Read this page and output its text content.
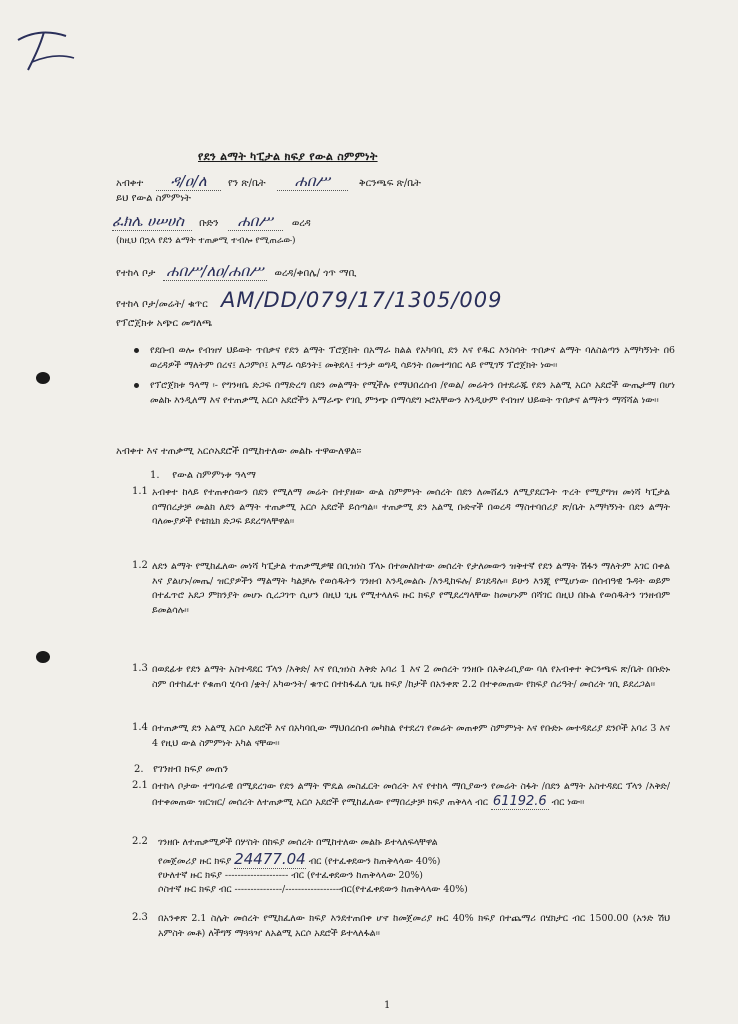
የደን ልማት ካፒታል ክፍያ የውል ስምምነት
አብቀተ ዳ/ዐ/ለ የን ጽ/ቤት ሐበሥ	ቅርንጫፍ ጽ/ቤት
ይህ የውል ስምምነት
ፈክሌ ሀሠሀስ ቡድን ሐበሥ ወረዳ
(ከዚህ በኋላ የደን ልማት ተጠቃሚ ተብሎ የሚጠራው)
የተከላ ቦታ ሐበሥ/ለዐ/ሐበሥ ወረዳ/ቀበሌ/ ጎጥ ማቢ
የተከላ ቦታ/መሬት/ ቁጥር AM/DD/079/17/1305/009
የፕሮጀክቱ አጭር መግለጫ
የደቡብ ወሎ የብዝሃ ህይወት ጥበቃና የደን ልማት ፕሮጀክት በአማራ ክልል የአካባቢ ደን እና የዱር እንስሳት ጥበቃና ልማት ባለስልጣን አማካኝነት በ6 ወረዳዎች ማለትም በረና፤ ለጋምቦ፤ አማራ ሳይንት፤ መቅደላ፤ ተንታ ወግዲ ሳይንት በመተግበር ላይ የሚገኝ ፕሮጀክት ነው፡፡
የፕሮጀክቱ ዓላማ ፡- የግንዛቤ ድጋፍ በማድረግ በደን መልማት የሚችሉ የማህበረሰብ /የወል/ መሬትን በተደራጁ የደን አልሚ አርሶ አደሮች ውጤታማ በሆነ መልኩ እንዲለማ እና የተጠቃሚ አርሶ አደሮችን አማራጭ የገቢ ምንጭ በማሳደግ ኑሮአቸውን እንዲሁም የብዝሃ ህይወት ጥበቃና ልማትን ማሻሻል ነው፡፡
አብቀተ እና ተጠቃሚ አርሶአደሮች በሚከተለው መልኩ ተዋውለዋል፡፡
1. የውል ስምምነቱ ዓላማ
1.1 አብቀተ ከላይ የተጠቀሰውን በደን የሚለማ መሬት በተያዘው ውል ስምምነት መሰረት በደን ለመሸፈን ለሚያደርጉት ጥረት የሚያግዝ መነሻ ካፒታል በማበረታቻ መልክ ለደን ልማት ተጠቃሚ አርሶ አደሮች ይሰጣል፡፡ ተጠቃሚ ደን አልሚ ቡድኖች በወረዳ ማስተባበሪያ ጽ/ቤት አማካኝነት በደን ልማት ባለሙያዎች የቴክኒክ ድጋፍ ይደረግላቸዋል፡፡
1.2 ለደን ልማት የሚከፈለው መነሻ ካፒታል ተጠቃሚዎቹ በቢዝነስ ፕላኑ በተመለከተው መሰረት የታለመውን ዝቅተኛ የደን ልማት ሽፋን ማለትም አገር በቀል እና ያልሆኑ/መጤ/ ዝርያዎችን ማልማት ካልቻሉ የወሰዱትን ገንዘብ እንዲመልሱ /እንዲከፍሉ/ ይገደዳሉ፡፡ ይሁን እንጂ የሚሆነው በሰብዓዊ ጉዳት ወይም በተፈጥሮ አደጋ ምክንያት መሆኑ ሲረጋገጥ ሲሆን በዚህ ጊዜ የሚተላለፍ ዙር ክፍያ የሚደረግላቸው ከመሆኑም በሻገር በዚህ በኩል የወሰዱትን ገንዘብም ይመልሳሉ፡፡
1.3 በወደፊቱ የደን ልማት አስተዳደር ፕላን /እቅድ/ እና የቢዝነስ እቅድ አባሪ 1 እና 2 መሰረት ገንዘቡ በአቅራቢያው ባለ የአብቀተ ቅርንጫፍ ጽ/ቤት በቡድኑ ስም በተከፈተ የቁጠባ ሂሳብ /ቋት/ አካውንት/ ቁጥር በተከፋፈለ ጊዜ ክፍያ /ከታች በአንቀጽ 2.2 በተቀመጠው የክፍያ ሰሪዓት/ መሰረት ገቢ ይደረጋል፡፡
1.4 በተጠቃሚ ደን አልሚ አርሶ አደሮች እና በአካባቢው ማህበረሰብ መካከል የተደረገ የመሬት መጠቀም ስምምነት እና የቡድኑ መተዳደሪያ ደንቦች አባሪ 3 እና 4 የዚህ ውል ስምምነት አካል ናቸው፡፡
2. የገንዘብ ክፍያ መጠን
2.1 በተከላ ቦታው ተግባራዊ በሚደረገው የደን ልማት ሞዴል መስፈርት መሰረት እና የተከላ ማቢያውን የመሬት ስፋት /በደን ልማት አስተዳደር ፕላን /እቅድ/ በተቀመጠው ዝርዝር/ መሰረት ለተጠቃሚ አርሶ አደሮች የሚከፈለው የማበረታቻ ክፍያ ጠቅላላ ብር 61192.6 ብር ነው፡፡
2.2 ገንዘቡ ለተጠቃሚዎች በሦስት በከፍያ መሰረት በሚከተለው መልኩ ይተላለፍላቸዋል
የመጀመሪያ ዙር ክፍያ 24477.04 ብር (የተፈቀደውን ከጠቅላላው 40%)
የሁለተኛ ዙር ክፍያ -------------------- ብር (የተፈቀደውን ከጠቅላላው 20%)
ሶስተኛ ዙር ክፍያ ብር ---------------/-----------------ብር(የተፈቀደውን ከጠቅላላው 40%)
2.3 በአንቀጽ 2.1 ስሌት መሰረት የሚከፈለው ክፍያ እንደተጠበቀ ሆኖ ከመጀመሪያ ዙር 40% ክፍያ በተጨማሪ በሄክታር ብር 1500.00 (አንድ ሽህ አምስት መቶ) ለችግኝ ማጓጓዣ ለአልሚ አርሶ አደሮች ይተላለፋል፡፡
1
